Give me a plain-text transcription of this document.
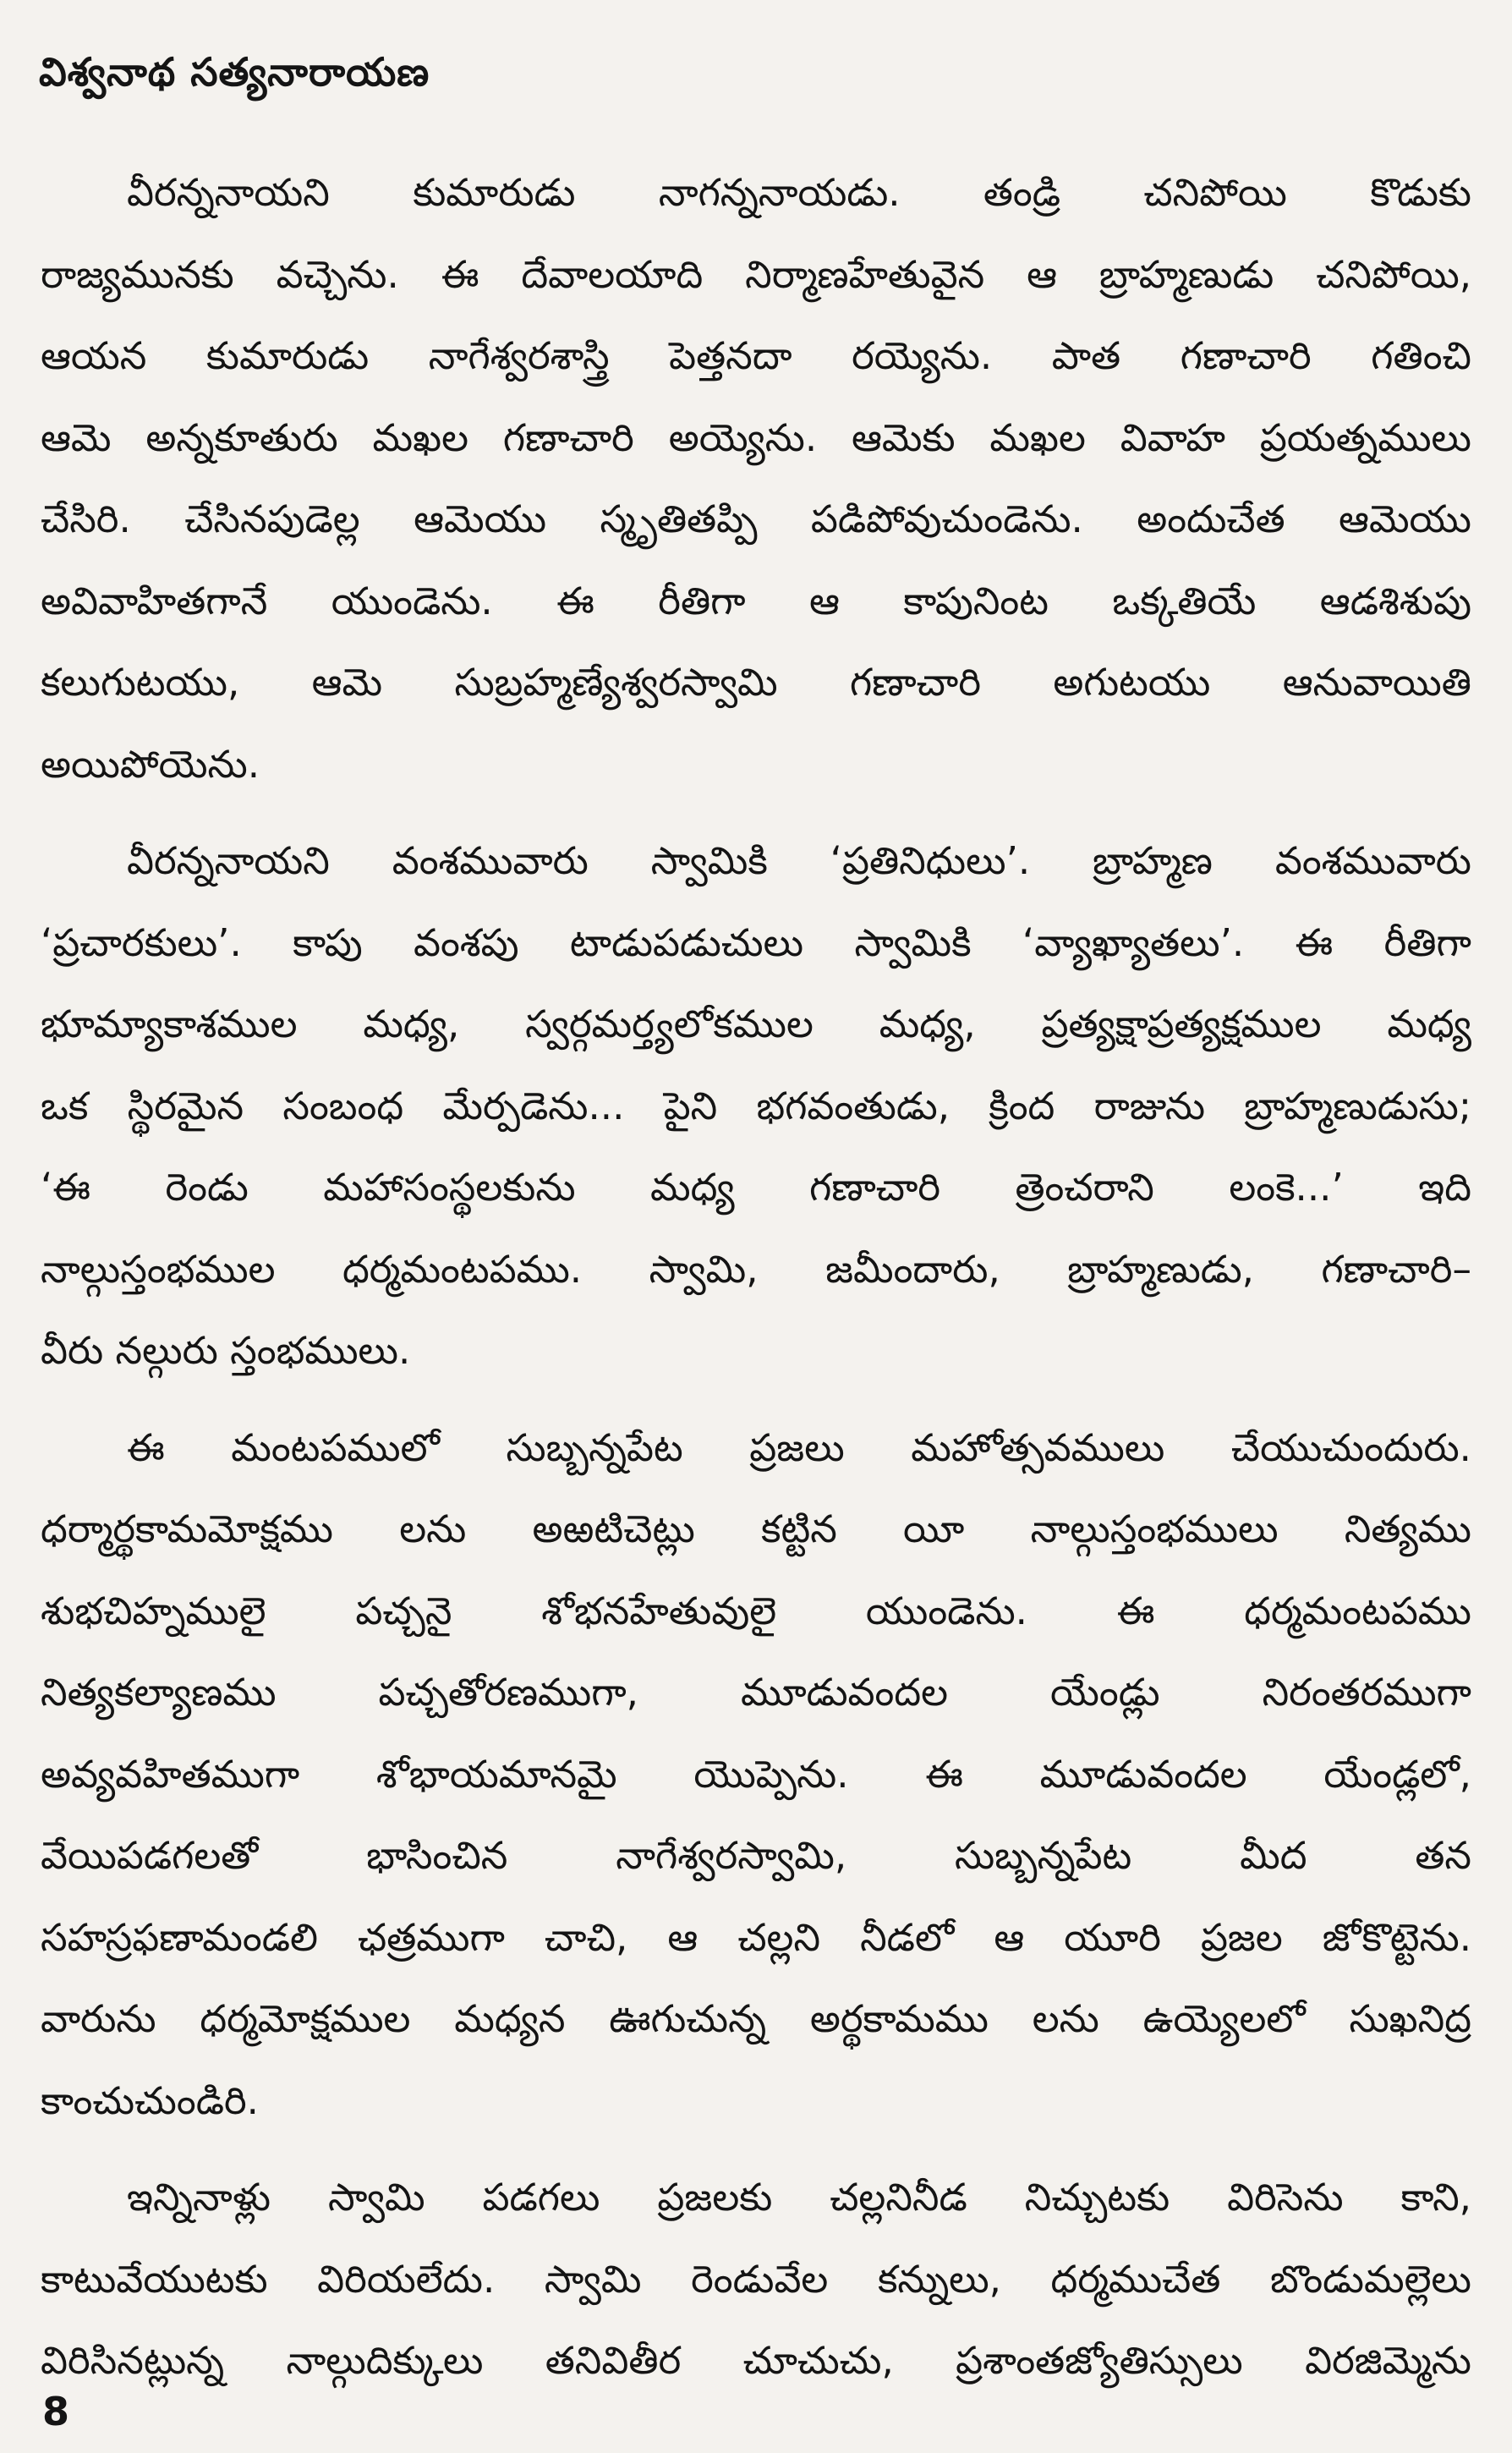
విశ్వనాథ సత్యనారాయణ
వీరన్ననాయని కుమారుడు నాగన్ననాయడు. తండ్రి చనిపోయి కొడుకు
రాజ్యమునకు వచ్చెను. ఈ దేవాలయాది నిర్మాణహేతువైన ఆ బ్రాహ్మణుడు చనిపోయి,
ఆయన కుమారుడు నాగేశ్వరశాస్త్రి పెత్తనదా రయ్యెను. పాత గణాచారి గతించి
ఆమె అన్నకూతురు మఖల గణాచారి అయ్యెను. ఆమెకు మఖల వివాహ ప్రయత్నములు
చేసిరి. చేసినపుడెల్ల ఆమెయు స్మృతితప్పి పడిపోవుచుండెను. అందుచేత ఆమెయు
అవివాహితగానే యుండెను. ఈ రీతిగా ఆ కాపునింట ఒక్కతియే ఆడశిశుపు
కలుగుటయు, ఆమె సుబ్రహ్మణ్యేశ్వరస్వామి గణాచారి అగుటయు ఆనువాయితి
అయిపోయెను.
వీరన్ననాయని వంశమువారు స్వామికి ‘ప్రతినిధులు’. బ్రాహ్మణ వంశమువారు
‘ప్రచారకులు’. కాపు వంశపు టాడుపడుచులు స్వామికి ‘వ్యాఖ్యాతలు’. ఈ రీతిగా
భూమ్యాకాశముల మధ్య, స్వర్గమర్త్యలోకముల మధ్య, ప్రత్యక్షాప్రత్యక్షముల మధ్య
ఒక స్థిరమైన సంబంధ మేర్పడెను... పైని భగవంతుడు, క్రింద రాజును బ్రాహ్మణుడుసు;
‘ఈ రెండు మహాసంస్థలకును మధ్య గణాచారి త్రెంచరాని లంకె...’ ఇది
నాల్గుస్తంభముల ధర్మమంటపము. స్వామి, జమీందారు, బ్రాహ్మణుడు, గణాచారి–
వీరు నల్గురు స్తంభములు.
ఈ మంటపములో సుబ్బన్నపేట ప్రజలు మహోత్సవములు చేయుచుందురు.
ధర్మార్థకామమోక్షము లను అఱటిచెట్లు కట్టిన యీ నాల్గుస్తంభములు నిత్యము
శుభచిహ్నములై పచ్చనై శోభనహేతువులై యుండెను. ఈ ధర్మమంటపము
నిత్యకల్యాణము పచ్చతోరణముగా, మూడువందల యేండ్లు నిరంతరముగా
అవ్యవహితముగా శోభాయమానమై యొప్పెను. ఈ మూడువందల యేండ్లలో,
వేయిపడగలతో భాసించిన నాగేశ్వరస్వామి, సుబ్బన్నపేట మీద తన
సహస్రఫణామండలి ఛత్రముగా చాచి, ఆ చల్లని నీడలో ఆ యూరి ప్రజల జోకొట్టెను.
వారును ధర్మమోక్షముల మధ్యన ఊగుచున్న అర్థకామము లను ఉయ్యెలలో సుఖనిద్ర
కాంచుచుండిరి.
ఇన్నినాళ్లు స్వామి పడగలు ప్రజలకు చల్లనినీడ నిచ్చుటకు విరిసెను కాని,
కాటువేయుటకు విరియలేదు. స్వామి రెండువేల కన్నులు, ధర్మముచేత బొండుమల్లెలు
విరిసినట్లున్న నాల్గుదిక్కులు తనివితీర చూచుచు, ప్రశాంతజ్యోతిస్సులు విరజిమ్మెను
8
